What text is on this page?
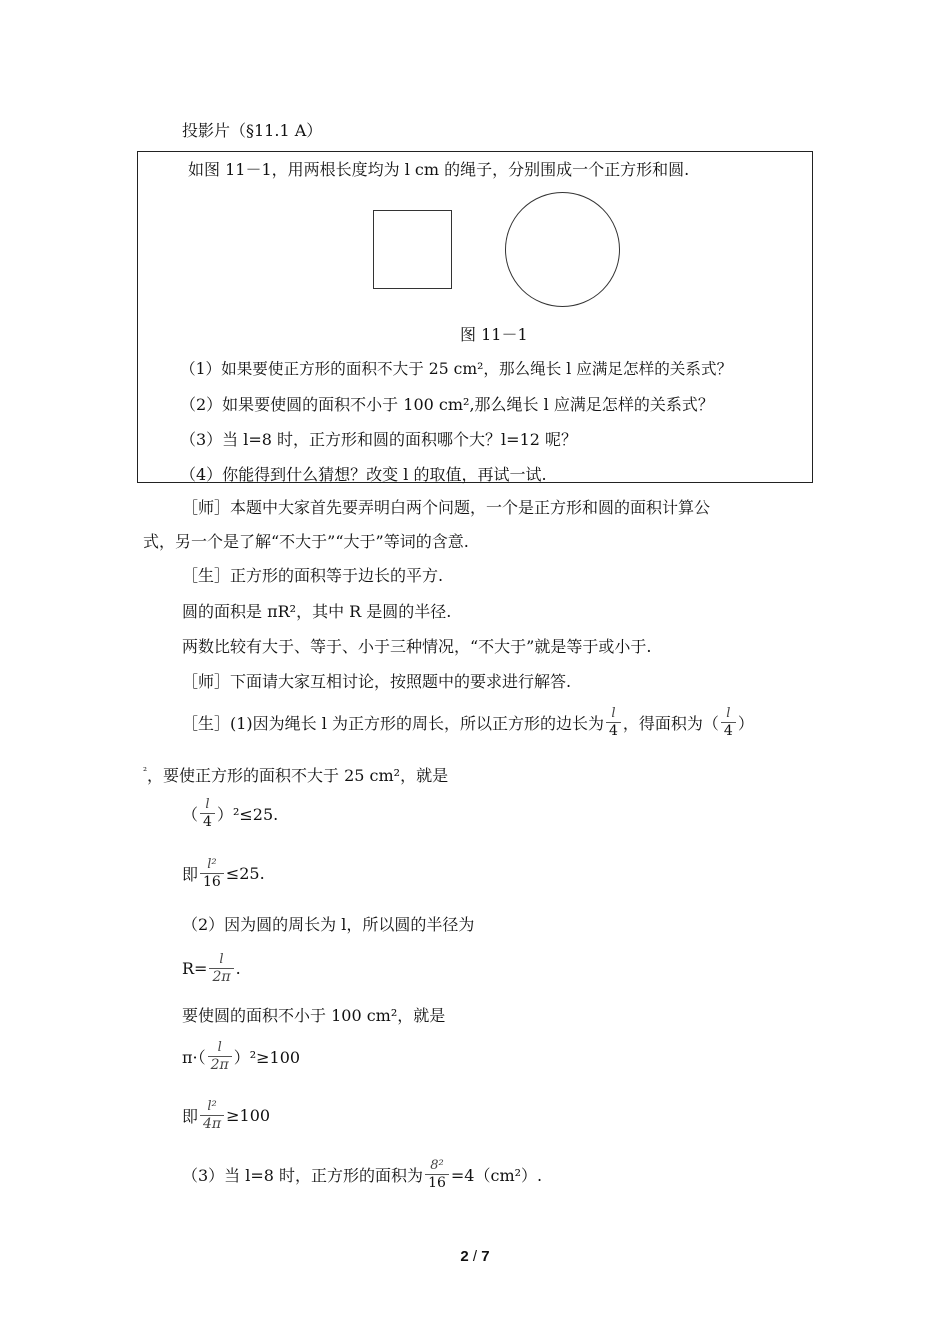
投影片（§11.1 A）
如图 11－1，用两根长度均为 l cm 的绳子，分别围成一个正方形和圆.
图 11－1
（1）如果要使正方形的面积不大于 25 cm²，那么绳长 l 应满足怎样的关系式？
（2）如果要使圆的面积不小于 100 cm²,那么绳长 l 应满足怎样的关系式？
（3）当 l=8 时，正方形和圆的面积哪个大？l=12 呢？
（4）你能得到什么猜想？改变 l 的取值，再试一试.
［师］本题中大家首先要弄明白两个问题，一个是正方形和圆的面积计算公
式，另一个是了解“不大于”“大于”等词的含意.
［生］正方形的面积等于边长的平方.
圆的面积是 πR²，其中 R 是圆的半径.
两数比较有大于、等于、小于三种情况，“不大于”就是等于或小于.
［师］下面请大家互相讨论，按照题中的要求进行解答.
［生］(1)因为绳长 l 为正方形的周长，所以正方形的边长为 $\frac{l}{4}$ ，得面积为（ $\frac{l}{4}$ ）
$^{^2}$，要使正方形的面积不大于 25 cm²，就是
（ $\frac{l}{4} )^2\le 25$.
即 $\frac{\text{l²}}{16} \le 25$.
（2）因为圆的周长为 l，所以圆的半径为
$R= \frac{l}{2\pi}$ .
要使圆的面积不小于 100 cm²，就是
$\pi\cdot( \frac{l}{2\pi} )^2\ge 100$
即 $\frac{\text{l²}}{4\pi} \ge 100$
（3）当 l=8 时，正方形的面积为 $\frac{\text{8²}}{16} =4(cm^2)$.
2 / 7
